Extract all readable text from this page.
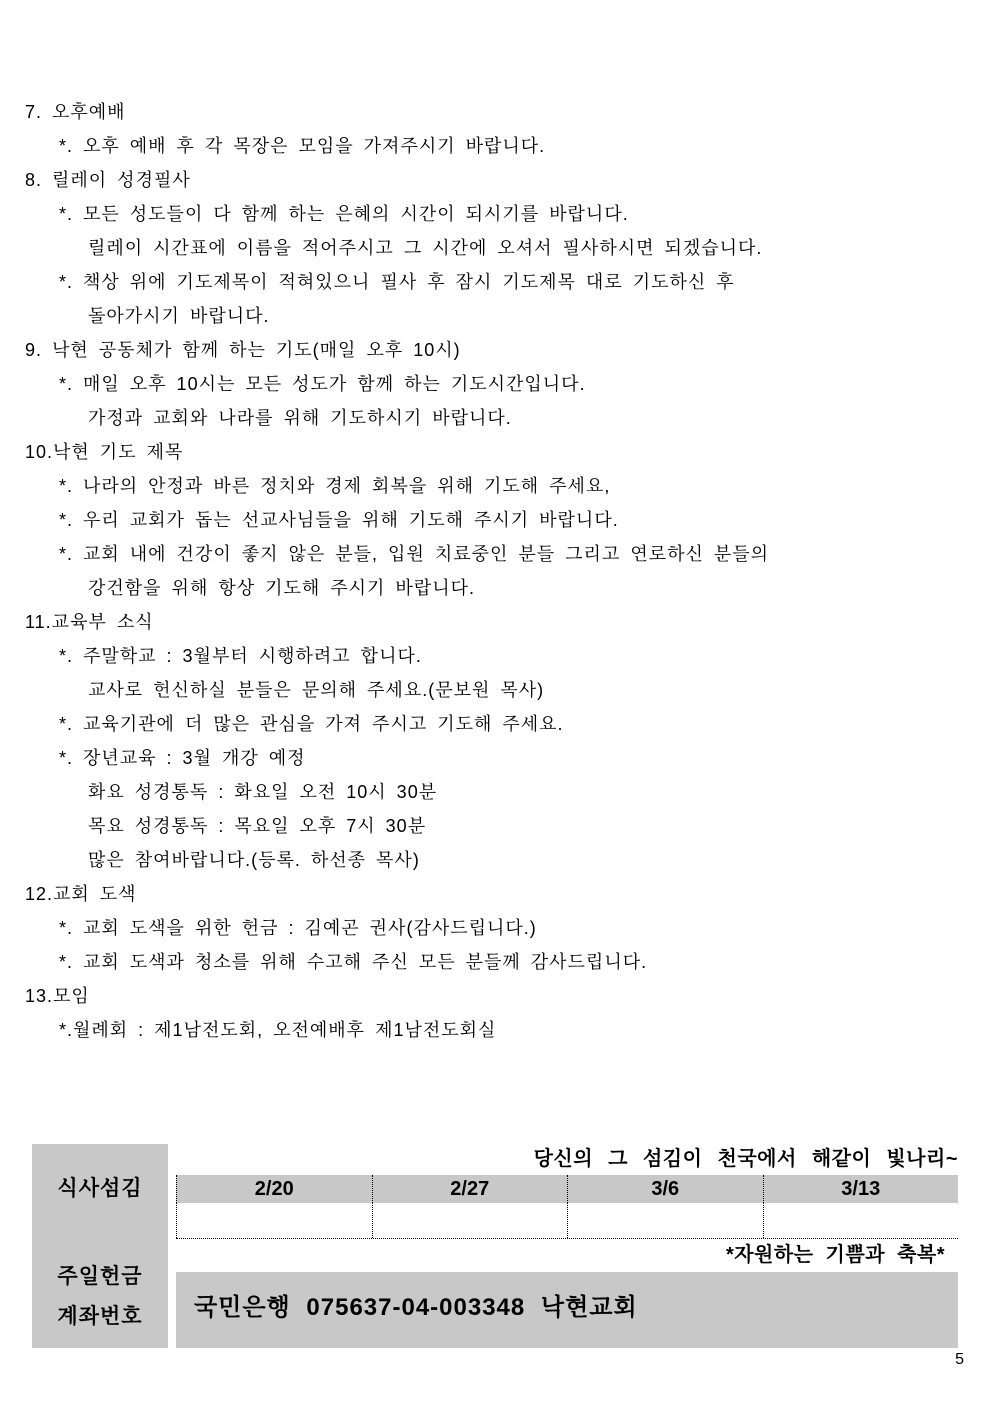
7. 오후예배
*. 오후 예배 후 각 목장은 모임을 가져주시기 바랍니다.
8. 릴레이 성경필사
*. 모든 성도들이 다 함께 하는 은혜의 시간이 되시기를 바랍니다.
릴레이 시간표에 이름을 적어주시고 그 시간에 오셔서 필사하시면 되겠습니다.
*. 책상 위에 기도제목이 적혀있으니 필사 후 잠시 기도제목 대로 기도하신 후
돌아가시기 바랍니다.
9. 낙현 공동체가 함께 하는 기도(매일 오후 10시)
*. 매일 오후 10시는 모든 성도가 함께 하는 기도시간입니다.
가정과 교회와 나라를 위해 기도하시기 바랍니다.
10.낙현 기도 제목
*. 나라의 안정과 바른 정치와 경제 회복을 위해 기도해 주세요,
*. 우리 교회가 돕는 선교사님들을 위해 기도해 주시기 바랍니다.
*. 교회 내에 건강이 좋지 않은 분들, 입원 치료중인 분들 그리고 연로하신 분들의
강건함을 위해 항상 기도해 주시기 바랍니다.
11.교육부 소식
*. 주말학교 : 3월부터 시행하려고 합니다.
교사로 헌신하실 분들은 문의해 주세요.(문보원 목사)
*. 교육기관에 더 많은 관심을 가져 주시고 기도해 주세요.
*. 장년교육 : 3월 개강 예정
화요 성경통독 : 화요일 오전 10시 30분
목요 성경통독 : 목요일 오후 7시 30분
많은 참여바랍니다.(등록. 하선종 목사)
12.교회 도색
*. 교회 도색을 위한 헌금 : 김예곤 권사(감사드립니다.)
*. 교회 도색과 청소를 위해 수고해 주신 모든 분들께 감사드립니다.
13.모임
*.월례회 : 제1남전도회, 오전예배후 제1남전도회실
식사섬김
주일헌금
계좌번호
당신의 그 섬김이 천국에서 해같이 빛나리~
2/20	2/27	3/6	3/13
*자원하는 기쁨과 축복*
국민은행 075637-04-003348 낙현교회
5
